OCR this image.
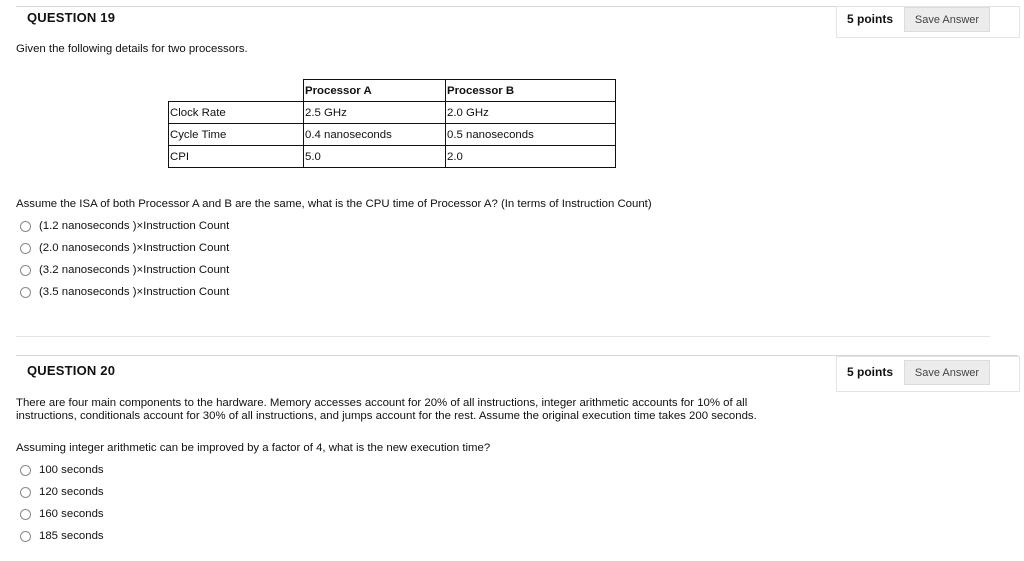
QUESTION 19	5 points	Save Answer
Given the following details for two processors.
	Processor A	Processor B
Clock Rate	2.5 GHz	2.0 GHz
Cycle Time	0.4 nanoseconds	0.5 nanoseconds
CPI	5.0	2.0
Assume the ISA of both Processor A and B are the same, what is the CPU time of Processor A? (In terms of Instruction Count)
(1.2 nanoseconds )×Instruction Count
(2.0 nanoseconds )×Instruction Count
(3.2 nanoseconds )×Instruction Count
(3.5 nanoseconds )×Instruction Count
QUESTION 20	5 points	Save Answer
There are four main components to the hardware. Memory accesses account for 20% of all instructions, integer arithmetic accounts for 10% of all instructions, conditionals account for 30% of all instructions, and jumps account for the rest. Assume the original execution time takes 200 seconds.
Assuming integer arithmetic can be improved by a factor of 4, what is the new execution time?
100 seconds
120 seconds
160 seconds
185 seconds
